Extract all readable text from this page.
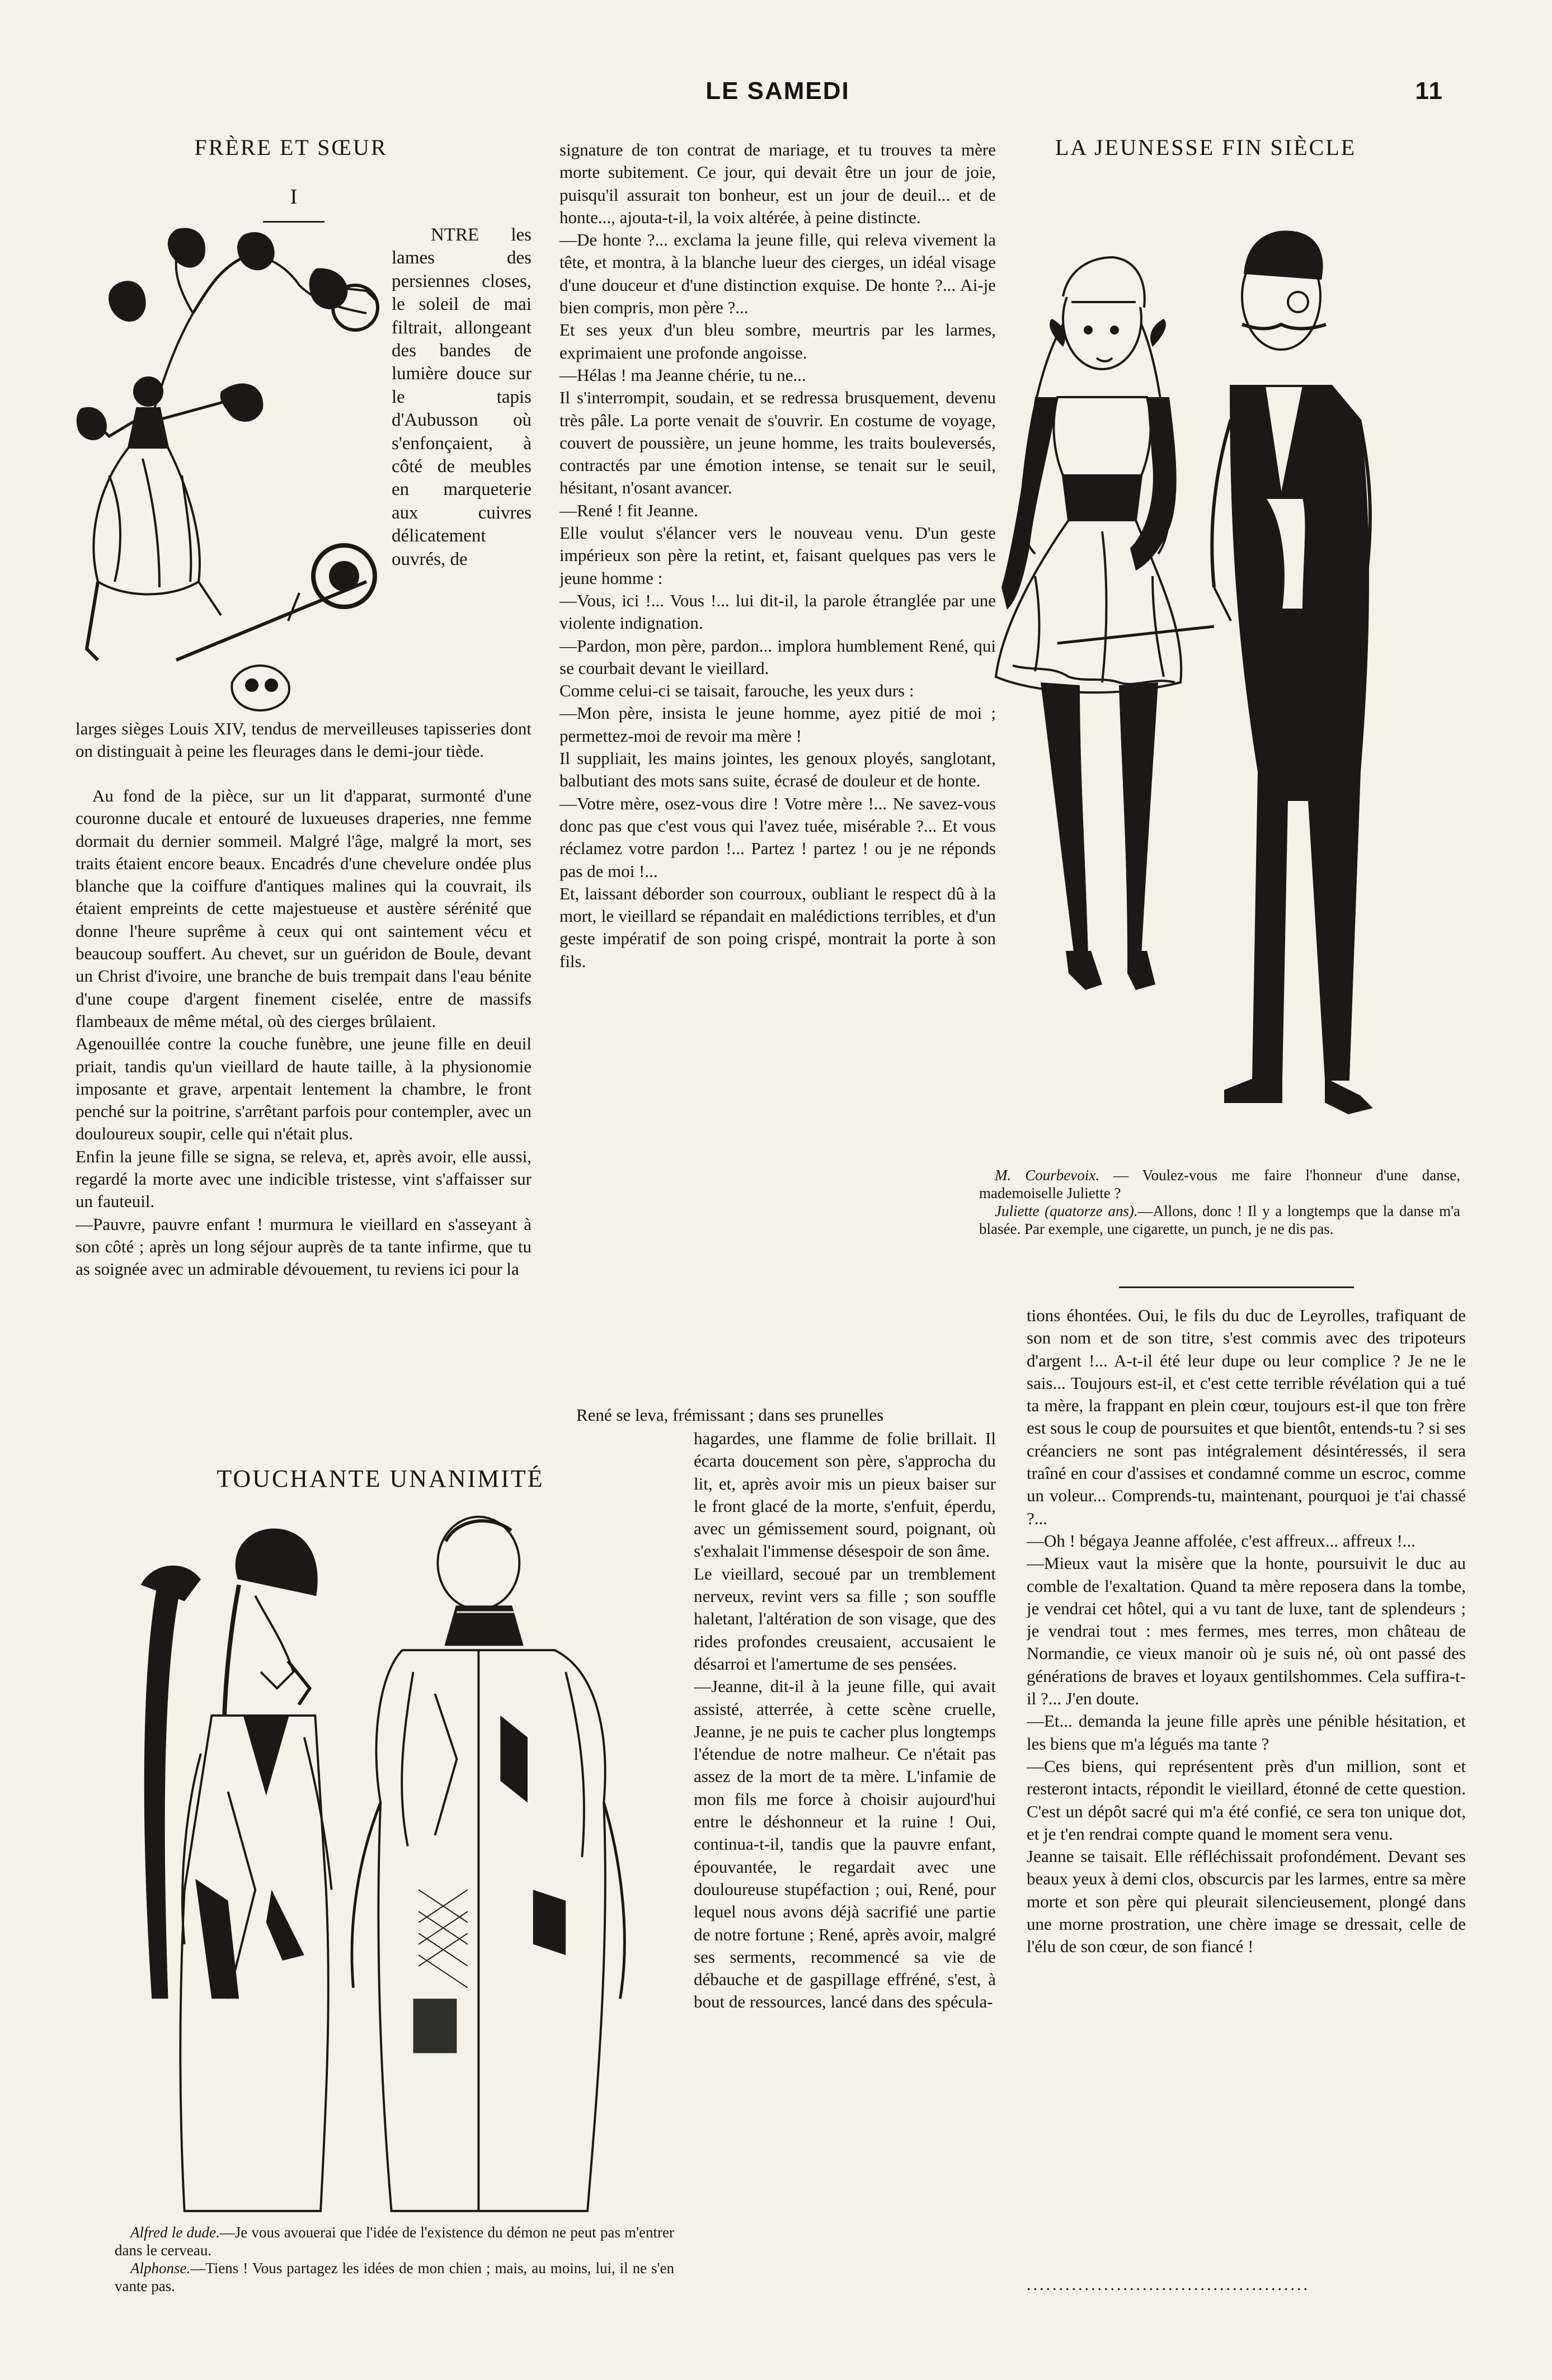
LE SAMEDI	11
FRÈRE ET SŒUR
I
NTRE les lames des persiennes closes, le soleil de mai filtrait, allongeant des bandes de lumière douce sur le tapis d'Aubusson où s'enfonçaient, à côté de meubles en marqueterie aux cuivres délicatement ouvrés, de
larges sièges Louis XIV, tendus de merveilleuses tapisseries dont on distinguait à peine les fleurages dans le demi-jour tiède.
Au fond de la pièce, sur un lit d'apparat, surmonté d'une couronne ducale et entouré de luxueuses draperies, nne femme dormait du dernier sommeil. Malgré l'âge, malgré la mort, ses traits étaient encore beaux. Encadrés d'une chevelure ondée plus blanche que la coiffure d'antiques malines qui la couvrait, ils étaient empreints de cette majestueuse et austère sérénité que donne l'heure suprême à ceux qui ont saintement vécu et beaucoup souffert. Au chevet, sur un guéridon de Boule, devant un Christ d'ivoire, une branche de buis trempait dans l'eau bénite d'une coupe d'argent finement ciselée, entre de massifs flambeaux de même métal, où des cierges brûlaient.
Agenouillée contre la couche funèbre, une jeune fille en deuil priait, tandis qu'un vieillard de haute taille, à la physionomie imposante et grave, arpentait lentement la chambre, le front penché sur la poitrine, s'arrêtant parfois pour contempler, avec un douloureux soupir, celle qui n'était plus.
Enfin la jeune fille se signa, se releva, et, après avoir, elle aussi, regardé la morte avec une indicible tristesse, vint s'affaisser sur un fauteuil.
—Pauvre, pauvre enfant ! murmura le vieillard en s'asseyant à son côté ; après un long séjour auprès de ta tante infirme, que tu as soignée avec un admirable dévouement, tu reviens ici pour la
signature de ton contrat de mariage, et tu trouves ta mère morte subitement. Ce jour, qui devait être un jour de joie, puisqu'il assurait ton bonheur, est un jour de deuil... et de honte..., ajouta-t-il, la voix altérée, à peine distincte.
—De honte ?... exclama la jeune fille, qui releva vivement la tête, et montra, à la blanche lueur des cierges, un idéal visage d'une douceur et d'une distinction exquise. De honte ?... Ai-je bien compris, mon père ?...
Et ses yeux d'un bleu sombre, meurtris par les larmes, exprimaient une profonde angoisse.
—Hélas ! ma Jeanne chérie, tu ne...
Il s'interrompit, soudain, et se redressa brusquement, devenu très pâle. La porte venait de s'ouvrir. En costume de voyage, couvert de poussière, un jeune homme, les traits bouleversés, contractés par une émotion intense, se tenait sur le seuil, hésitant, n'osant avancer.
—René ! fit Jeanne.
Elle voulut s'élancer vers le nouveau venu. D'un geste impérieux son père la retint, et, faisant quelques pas vers le jeune homme :
—Vous, ici !... Vous !... lui dit-il, la parole étranglée par une violente indignation.
—Pardon, mon père, pardon... implora humblement René, qui se courbait devant le vieillard.
Comme celui-ci se taisait, farouche, les yeux durs :
—Mon père, insista le jeune homme, ayez pitié de moi ; permettez-moi de revoir ma mère !
Il suppliait, les mains jointes, les genoux ployés, sanglotant, balbutiant des mots sans suite, écrasé de douleur et de honte.
—Votre mère, osez-vous dire ! Votre mère !... Ne savez-vous donc pas que c'est vous qui l'avez tuée, misérable ?... Et vous réclamez votre pardon !... Partez ! partez ! ou je ne réponds pas de moi !...
Et, laissant déborder son courroux, oubliant le respect dû à la mort, le vieillard se répandait en malédictions terribles, et d'un geste impératif de son poing crispé, montrait la porte à son fils.
René se leva, frémissant ; dans ses prunelles
hagardes, une flamme de folie brillait. Il écarta doucement son père, s'approcha du lit, et, après avoir mis un pieux baiser sur le front glacé de la morte, s'enfuit, éperdu, avec un gémissement sourd, poignant, où s'exhalait l'immense désespoir de son âme.
Le vieillard, secoué par un tremblement nerveux, revint vers sa fille ; son souffle haletant, l'altération de son visage, que des rides profondes creusaient, accusaient le désarroi et l'amertume de ses pensées.
—Jeanne, dit-il à la jeune fille, qui avait assisté, atterrée, à cette scène cruelle, Jeanne, je ne puis te cacher plus longtemps l'étendue de notre malheur. Ce n'était pas assez de la mort de ta mère. L'infamie de mon fils me force à choisir aujourd'hui entre le déshonneur et la ruine ! Oui, continua-t-il, tandis que la pauvre enfant, épouvantée, le regardait avec une douloureuse stupéfaction ; oui, René, pour lequel nous avons déjà sacrifié une partie de notre fortune ; René, après avoir, malgré ses serments, recommencé sa vie de débauche et de gaspillage effréné, s'est, à bout de ressources, lancé dans des spécula-
tions éhontées. Oui, le fils du duc de Leyrolles, trafiquant de son nom et de son titre, s'est commis avec des tripoteurs d'argent !... A-t-il été leur dupe ou leur complice ? Je ne le sais... Toujours est-il, et c'est cette terrible révélation qui a tué ta mère, la frappant en plein cœur, toujours est-il que ton frère est sous le coup de poursuites et que bientôt, entends-tu ? si ses créanciers ne sont pas intégralement désintéressés, il sera traîné en cour d'assises et condamné comme un escroc, comme un voleur... Comprends-tu, maintenant, pourquoi je t'ai chassé ?...
—Oh ! bégaya Jeanne affolée, c'est affreux... affreux !...
—Mieux vaut la misère que la honte, poursuivit le duc au comble de l'exaltation. Quand ta mère reposera dans la tombe, je vendrai cet hôtel, qui a vu tant de luxe, tant de splendeurs ; je vendrai tout : mes fermes, mes terres, mon château de Normandie, ce vieux manoir où je suis né, où ont passé des générations de braves et loyaux gentilshommes. Cela suffira-t-il ?... J'en doute.
—Et... demanda la jeune fille après une pénible hésitation, et les biens que m'a légués ma tante ?
—Ces biens, qui représentent près d'un million, sont et resteront intacts, répondit le vieillard, étonné de cette question. C'est un dépôt sacré qui m'a été confié, ce sera ton unique dot, et je t'en rendrai compte quand le moment sera venu.
Jeanne se taisait. Elle réfléchissait profondément. Devant ses beaux yeux à demi clos, obscurcis par les larmes, entre sa mère morte et son père qui pleurait silencieusement, plongé dans une morne prostration, une chère image se dressait, celle de l'élu de son cœur, de son fiancé !
............................................
LA JEUNESSE FIN SIÈCLE

M. Courbevoix. — Voulez-vous me faire l'honneur d'une danse, mademoiselle Juliette ?

Juliette (quatorze ans).—Allons, donc ! Il y a longtemps que la danse m'a blasée. Par exemple, une cigarette, un punch, je ne dis pas.

TOUCHANTE UNANIMITÉ

Alfred le dude.—Je vous avouerai que l'idée de l'existence du démon ne peut pas m'entrer dans le cerveau.

Alphonse.—Tiens ! Vous partagez les idées de mon chien ; mais, au moins, lui, il ne s'en vante pas.
